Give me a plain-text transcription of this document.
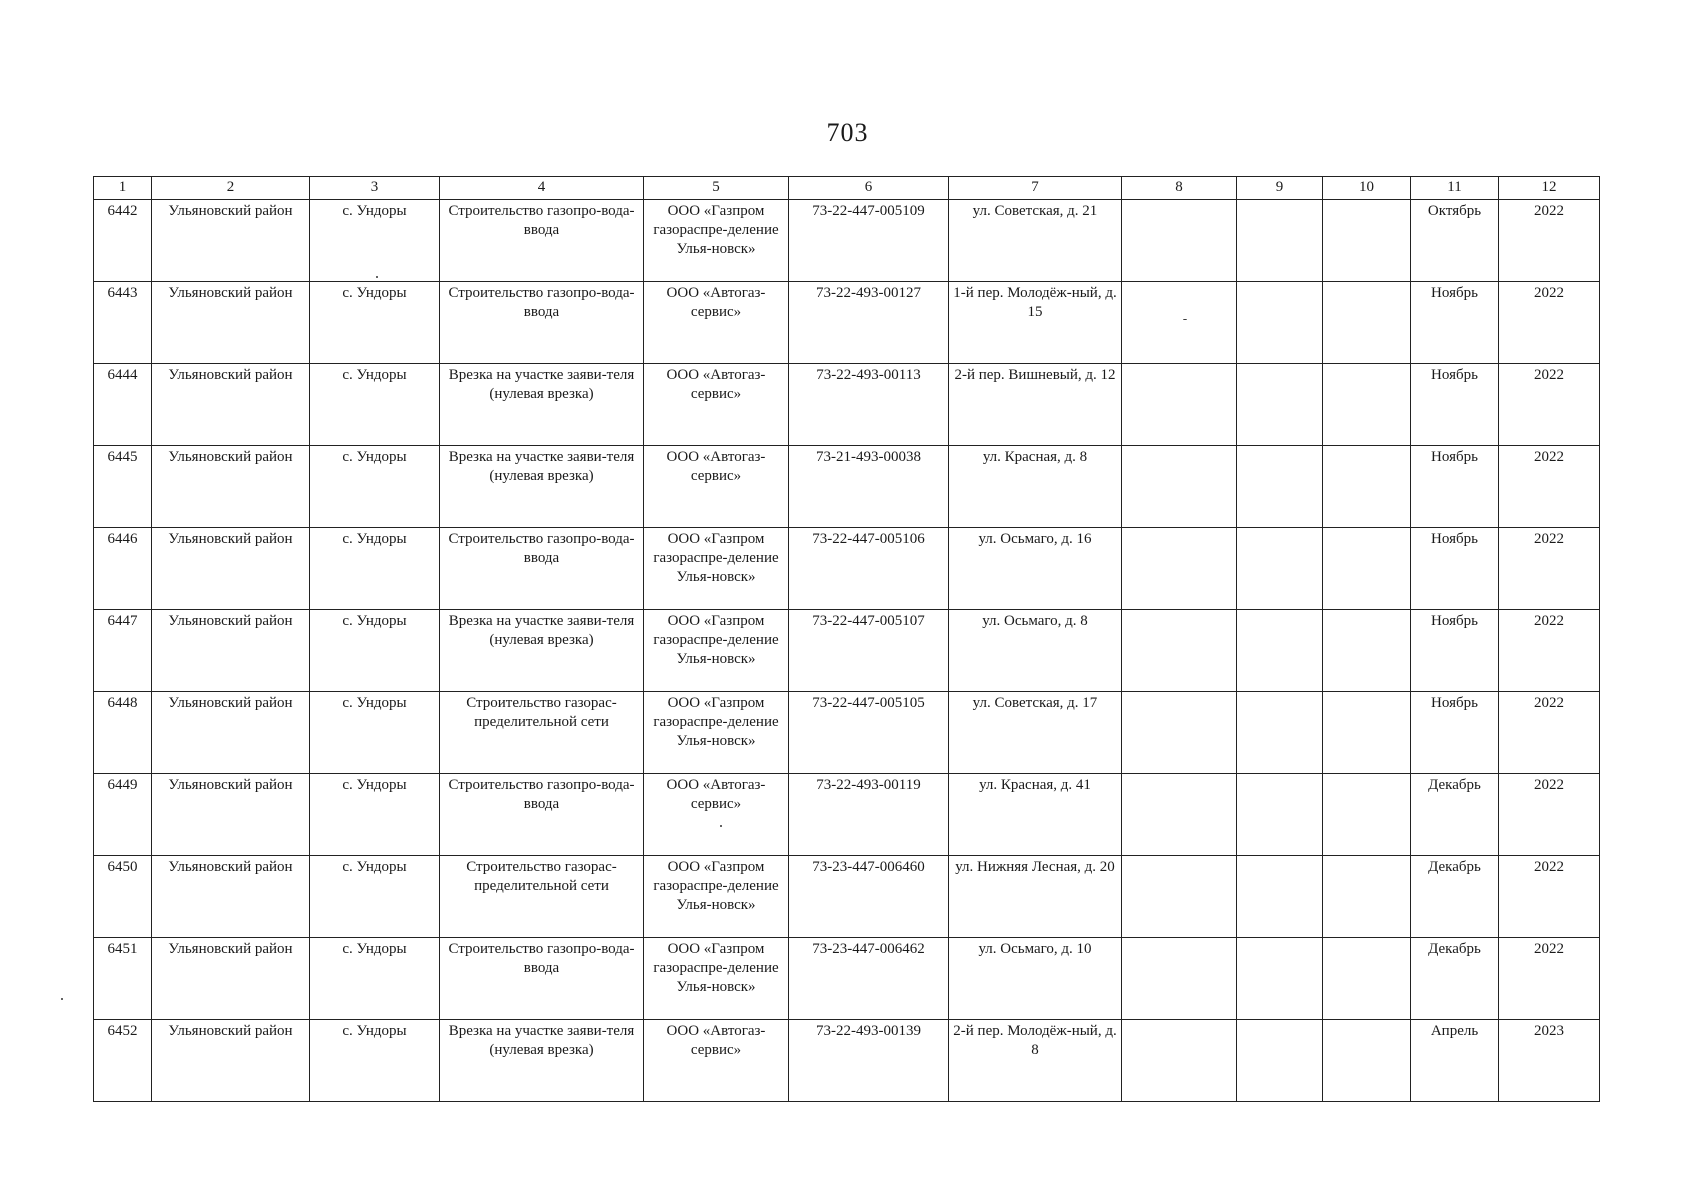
703
1	2	3	4	5	6	7	8	9	10	11	12
6442	Ульяновский район	с. Ундоры	Строительство газопро-вода-ввода	ООО «Газпром газораспре-деление Улья-новск»	73-22-447-005109	ул. Советская, д. 21				Октябрь	2022
6443	Ульяновский район	с. Ундоры	Строительство газопро-вода-ввода	ООО «Автогаз-сервис»	73-22-493-00127	1-й пер. Молодёж-ный, д. 15				Ноябрь	2022
6444	Ульяновский район	с. Ундоры	Врезка на участке заяви-теля (нулевая врезка)	ООО «Автогаз-сервис»	73-22-493-00113	2-й пер. Вишневый, д. 12				Ноябрь	2022
6445	Ульяновский район	с. Ундоры	Врезка на участке заяви-теля (нулевая врезка)	ООО «Автогаз-сервис»	73-21-493-00038	ул. Красная, д. 8				Ноябрь	2022
6446	Ульяновский район	с. Ундоры	Строительство газопро-вода-ввода	ООО «Газпром газораспре-деление Улья-новск»	73-22-447-005106	ул. Осьмаго, д. 16				Ноябрь	2022
6447	Ульяновский район	с. Ундоры	Врезка на участке заяви-теля (нулевая врезка)	ООО «Газпром газораспре-деление Улья-новск»	73-22-447-005107	ул. Осьмаго, д. 8				Ноябрь	2022
6448	Ульяновский район	с. Ундоры	Строительство газорас-пределительной сети	ООО «Газпром газораспре-деление Улья-новск»	73-22-447-005105	ул. Советская, д. 17				Ноябрь	2022
6449	Ульяновский район	с. Ундоры	Строительство газопро-вода-ввода	ООО «Автогаз-сервис»	73-22-493-00119	ул. Красная, д. 41				Декабрь	2022
6450	Ульяновский район	с. Ундоры	Строительство газорас-пределительной сети	ООО «Газпром газораспре-деление Улья-новск»	73-23-447-006460	ул. Нижняя Лесная, д. 20				Декабрь	2022
6451	Ульяновский район	с. Ундоры	Строительство газопро-вода-ввода	ООО «Газпром газораспре-деление Улья-новск»	73-23-447-006462	ул. Осьмаго, д. 10				Декабрь	2022
6452	Ульяновский район	с. Ундоры	Врезка на участке заяви-теля (нулевая врезка)	ООО «Автогаз-сервис»	73-22-493-00139	2-й пер. Молодёж-ный, д. 8				Апрель	2023
